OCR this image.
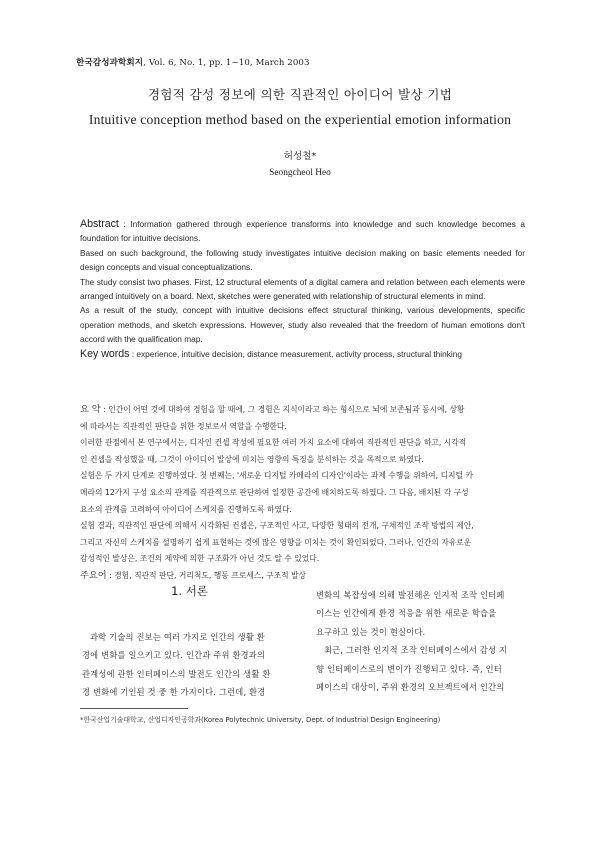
한국감성과학회지, Vol. 6, No. 1, pp. 1~10, March 2003
경험적 감성 정보에 의한 직관적인 아이디어 발상 기법
Intuitive conception method based on the experiential emotion information
허성철*
Seongcheol Heo

Abstract : Information gathered through experience transforms into knowledge and such knowledge becomes a foundation for intuitive decisions.

Based on such background, the following study investigates intuitive decision making on basic elements needed for design concepts and visual conceptualizations.

The study consist two phases. First, 12 structural elements of a digital camera and relation between each elements were arranged intuitively on a board. Next, sketches were generated with relationship of structural elements in mind.

As a result of the study, concept with intuitive decisions effect structural thinking, various developments, specific operation methods, and sketch expressions. However, study also revealed that the freedom of human emotions don't accord with the qualification map.

Key words : experience, intuitive decision, distance measurement, activity process, structural thinking

요 약 : 인간이 어떤 것에 대하여 경험을 할 때에, 그 경험은 지식이라고 하는 형식으로 뇌에 보존됨과 동시에, 상황

에 따라서는 직관적인 판단을 위한 정보로서 역할을 수행한다.

이러한 관점에서 본 연구에서는, 디자인 컨셉 작성에 필요한 여러 가지 요소에 대하여 직관적인 판단을 하고, 시각적

인 컨셉을 작성했을 때, 그것이 아이디어 발상에 미치는 영향의 특징을 분석하는 것을 목적으로 하였다.

실험은 두 가지 단계로 진행하였다. 첫 번째는, '새로운 디지털 카메라의 디자인'이라는 과제 수행을 위하여, 디지털 카

메라의 12가지 구성 요소의 관계를 직관적으로 판단하여 일정한 공간에 배치하도록 하였다. 그 다음, 배치된 각 구성

요소의 관계를 고려하여 아이디어 스케치를 진행하도록 하였다.

실험 결과, 직관적인 판단에 의해서 시각화된 컨셉은, 구조적인 사고, 다양한 형태의 전개, 구체적인 조작 방법의 제안,

그리고 자신의 스케치를 설명하기 쉽게 표현하는 것에 많은 영향을 미치는 것이 확인되었다. 그러나, 인간의 자유로운

감성적인 발상은, 조건의 제약에 의한 구조화가 아닌 것도 알 수 있었다.

주요어 : 경험, 직관적 판단, 거리척도, 행동 프로세스, 구조적 발상

1. 서론

과학 기술의 진보는 여러 가지로 인간의 생활 환

경에 변화를 일으키고 있다. 인간과 주위 환경과의

관계성에 관한 인터페이스의 발전도 인간의 생활 환

경 변화에 기인된 것 중 한 가지이다. 그런데, 환경

변화의 복잡성에 의해 발전해온 인지적 조작 인터페

이스는 인간에게 환경 적응을 위한 새로운 학습을

요구하고 있는 것이 현실이다.

최근, 그러한 인지적 조작 인터페이스에서 감성 지

향 인터페이스로의 변이가 진행되고 있다. 즉, 인터

페이스의 대상이, 주위 환경의 오브젝트에서 인간의

*한국산업기술대학교, 산업디자인공학과(Korea Polytechnic University, Dept. of Industrial Design Engineering)
